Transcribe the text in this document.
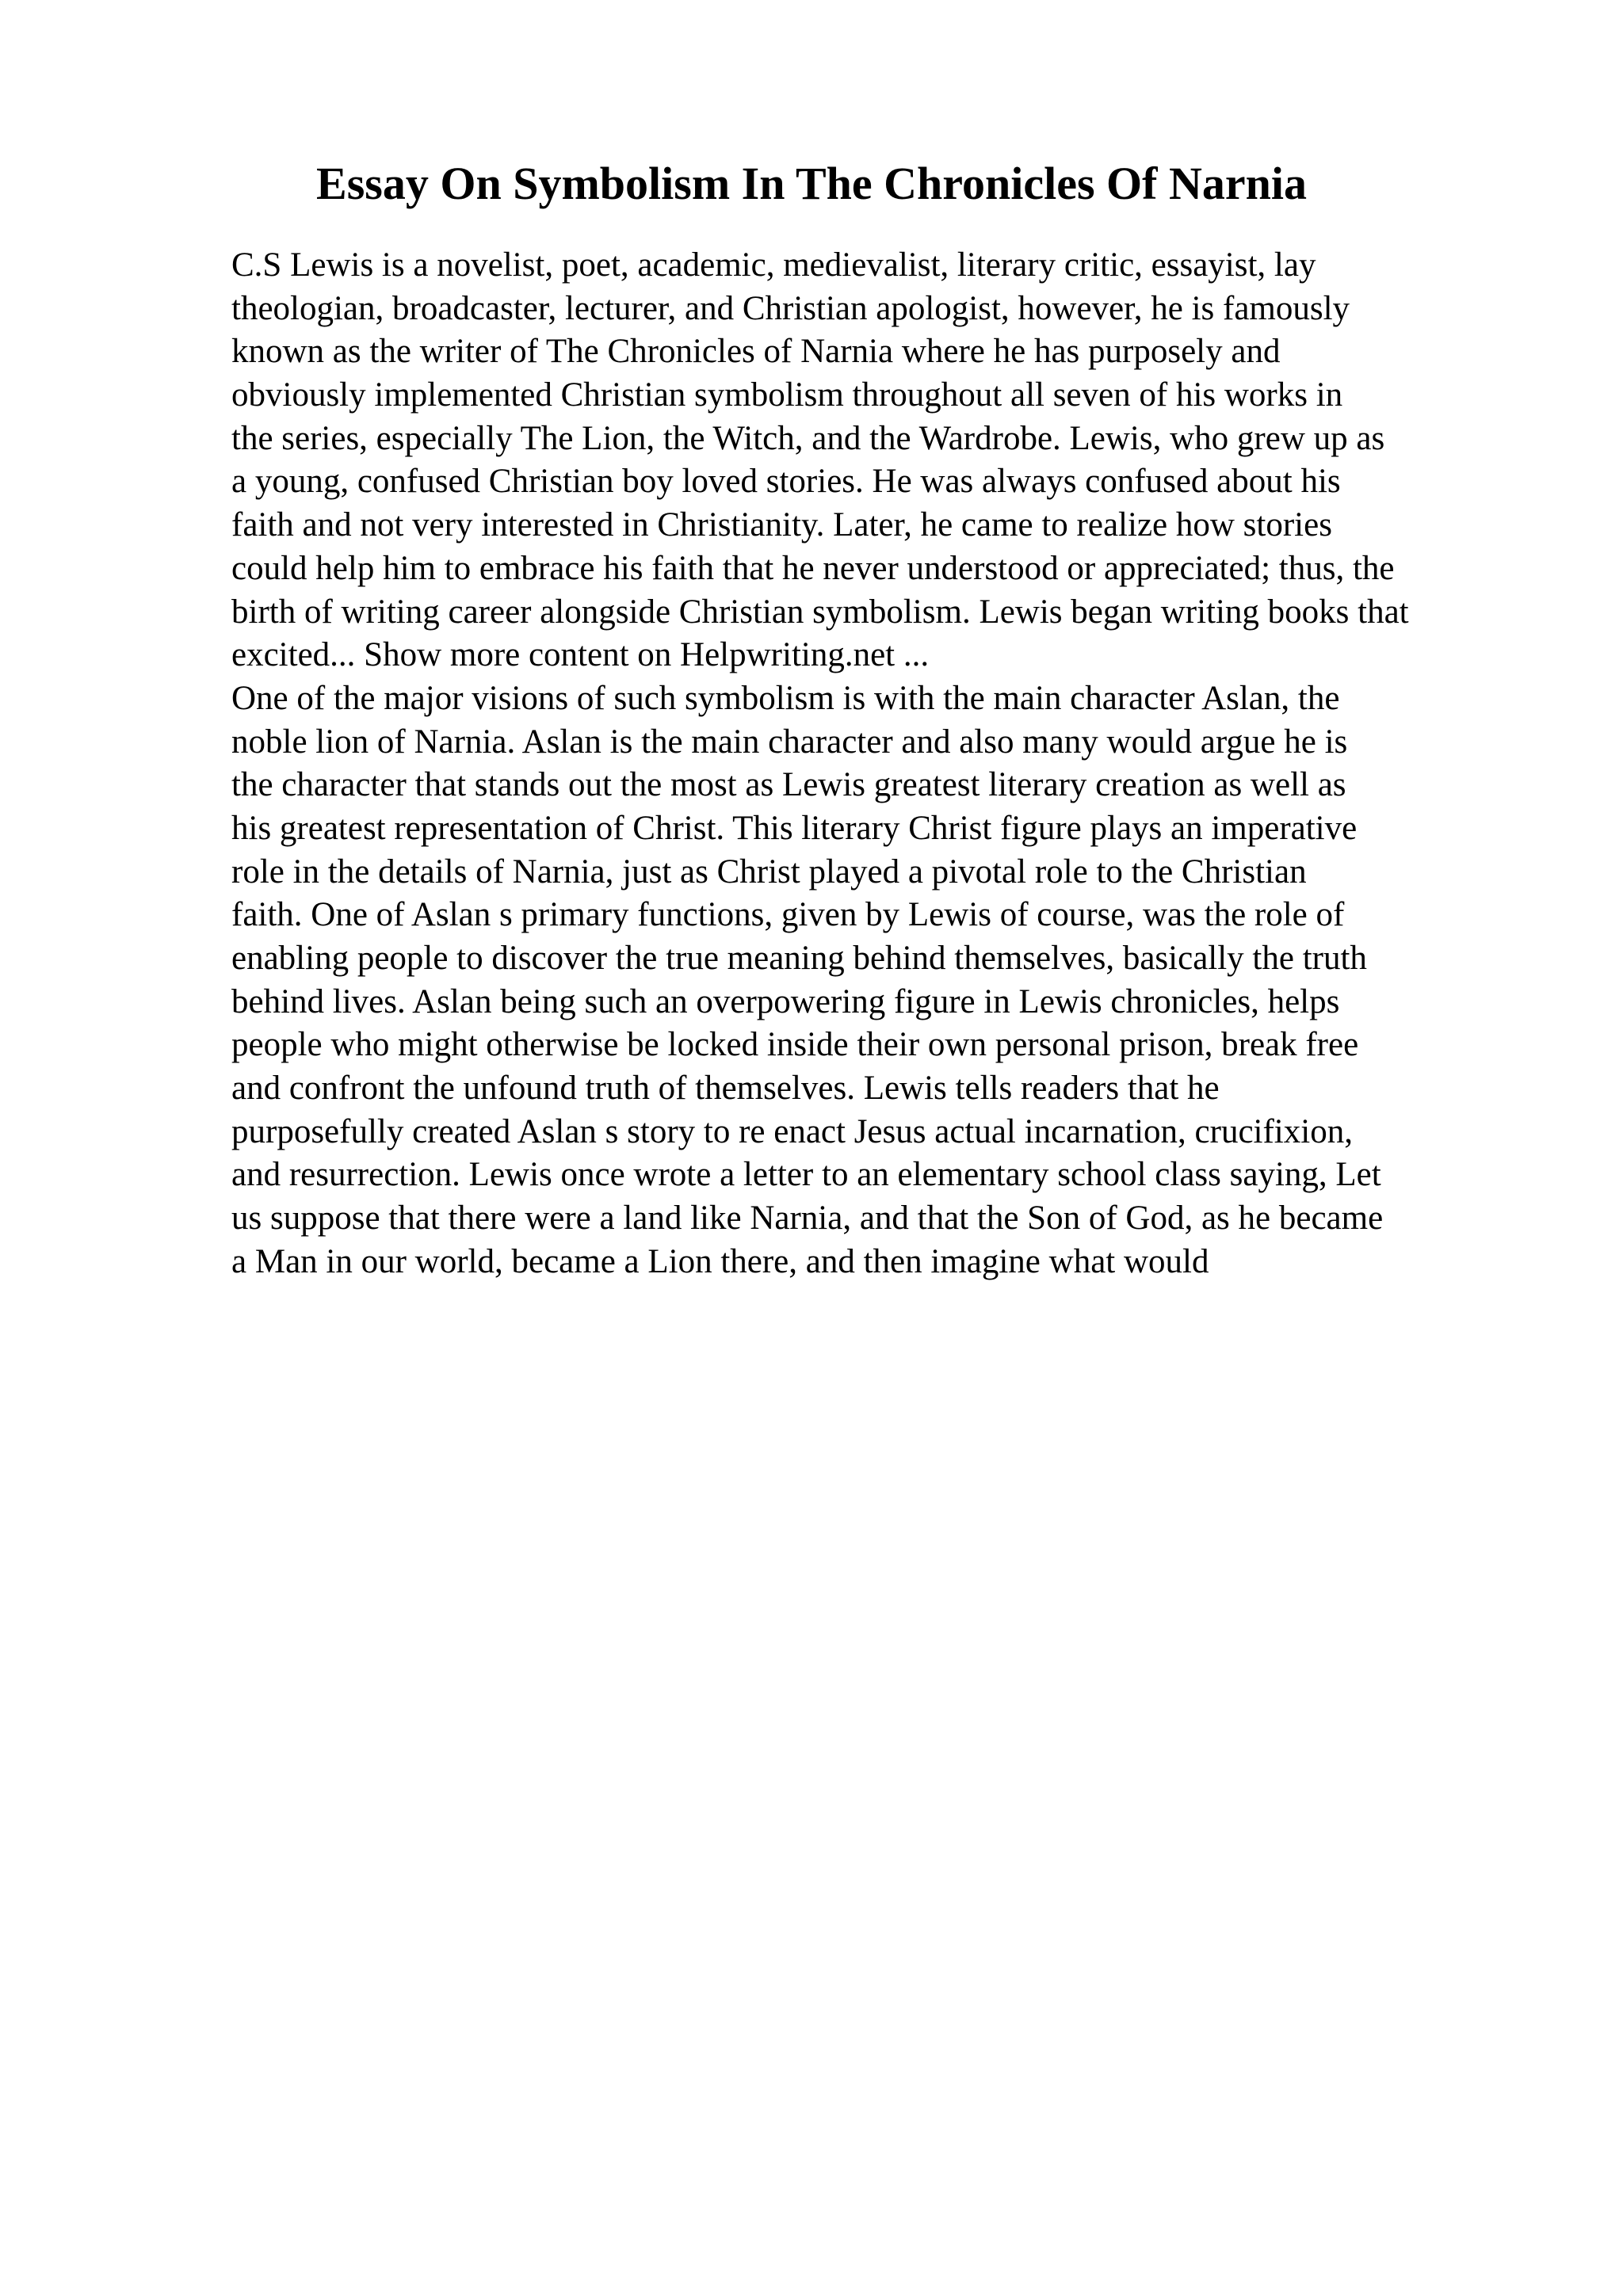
Essay On Symbolism In The Chronicles Of Narnia
C.S Lewis is a novelist, poet, academic, medievalist, literary critic, essayist, lay
theologian, broadcaster, lecturer, and Christian apologist, however, he is famously
known as the writer of The Chronicles of Narnia where he has purposely and
obviously implemented Christian symbolism throughout all seven of his works in
the series, especially The Lion, the Witch, and the Wardrobe. Lewis, who grew up as
a young, confused Christian boy loved stories. He was always confused about his
faith and not very interested in Christianity. Later, he came to realize how stories
could help him to embrace his faith that he never understood or appreciated; thus, the
birth of writing career alongside Christian symbolism. Lewis began writing books that
excited... Show more content on Helpwriting.net ...
One of the major visions of such symbolism is with the main character Aslan, the
noble lion of Narnia. Aslan is the main character and also many would argue he is
the character that stands out the most as Lewis greatest literary creation as well as
his greatest representation of Christ. This literary Christ figure plays an imperative
role in the details of Narnia, just as Christ played a pivotal role to the Christian
faith. One of Aslan s primary functions, given by Lewis of course, was the role of
enabling people to discover the true meaning behind themselves, basically the truth
behind lives. Aslan being such an overpowering figure in Lewis chronicles, helps
people who might otherwise be locked inside their own personal prison, break free
and confront the unfound truth of themselves. Lewis tells readers that he
purposefully created Aslan s story to re enact Jesus actual incarnation, crucifixion,
and resurrection. Lewis once wrote a letter to an elementary school class saying, Let
us suppose that there were a land like Narnia, and that the Son of God, as he became
a Man in our world, became a Lion there, and then imagine what would
